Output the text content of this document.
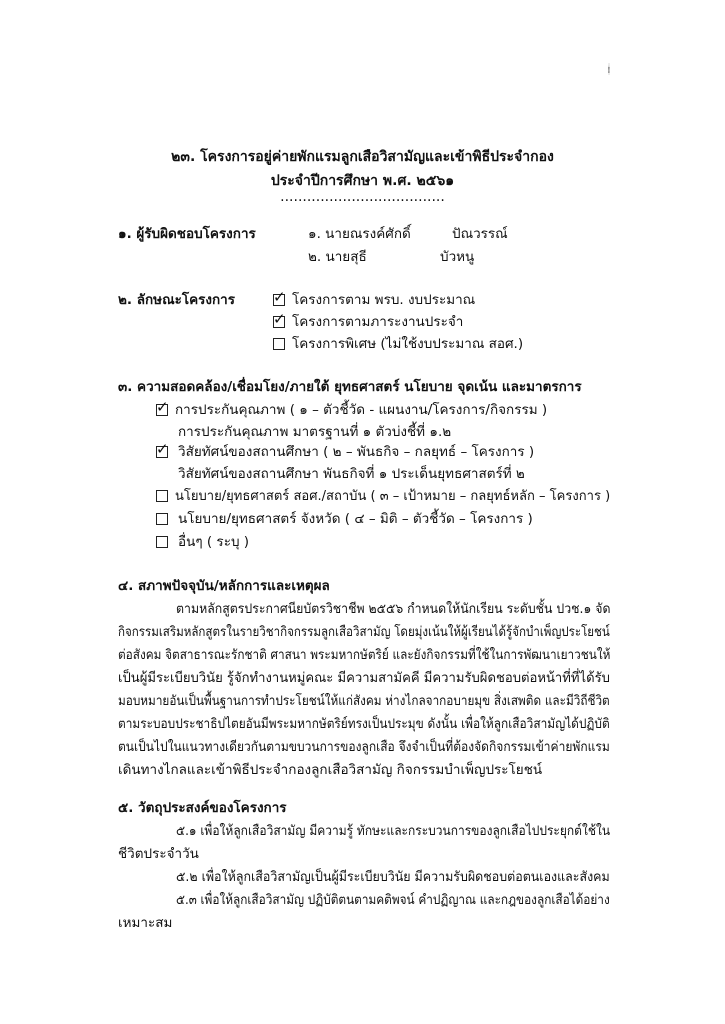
(๗๐)
๒๓. โครงการอยู่ค่ายพักแรมลูกเสือวิสามัญและเข้าพิธีประจำกอง
ประจำปีการศึกษา พ.ศ. ๒๕๖๑
.....................................
๑. ผู้รับผิดชอบโครงการ	๑. นายณรงค์ศักดิ์	ปัณวรรณ์
๒. นายสุธี	บัวหนู
๒. ลักษณะโครงการ	✓ โครงการตาม พรบ. งบประมาณ
✓ โครงการตามภาระงานประจำ
โครงการพิเศษ (ไม่ใช้งบประมาณ สอศ.)
๓. ความสอดคล้อง/เชื่อมโยง/ภายใต้ ยุทธศาสตร์ นโยบาย จุดเน้น และมาตรการ
✓ การประกันคุณภาพ ( ๑ – ตัวชี้วัด - แผนงาน/โครงการ/กิจกรรม )
การประกันคุณภาพ มาตรฐานที่ ๑ ตัวบ่งชี้ที่ ๑.๒
✓ วิสัยทัศน์ของสถานศึกษา ( ๒ – พันธกิจ – กลยุทธ์ – โครงการ )
วิสัยทัศน์ของสถานศึกษา พันธกิจที่ ๑ ประเด็นยุทธศาสตร์ที่ ๒
นโยบาย/ยุทธศาสตร์ สอศ./สถาบัน ( ๓ – เป้าหมาย – กลยุทธ์หลัก – โครงการ )
นโยบาย/ยุทธศาสตร์ จังหวัด ( ๔ – มิติ – ตัวชี้วัด – โครงการ )
อื่นๆ ( ระบุ )
๔. สภาพปัจจุบัน/หลักการและเหตุผล
ตามหลักสูตรประกาศนียบัตรวิชาชีพ ๒๕๕๖ กำหนดให้นักเรียน ระดับชั้น ปวช.๑ จัด
กิจกรรมเสริมหลักสูตรในรายวิชากิจกรรมลูกเสือวิสามัญ โดยมุ่งเน้นให้ผู้เรียนได้รู้จักบำเพ็ญประโยชน์
ต่อสังคม จิตสาธารณะรักชาติ ศาสนา พระมหากษัตริย์ และยังกิจกรรมที่ใช้ในการพัฒนาเยาวชนให้
เป็นผู้มีระเบียบวินัย รู้จักทำงานหมู่คณะ มีความสามัคคี มีความรับผิดชอบต่อหน้าที่ที่ได้รับ
มอบหมายอันเป็นพื้นฐานการทำประโยชน์ให้แก่สังคม ห่างไกลจากอบายมุข สิ่งเสพติด และมีวิถีชีวิต
ตามระบอบประชาธิปไตยอันมีพระมหากษัตริย์ทรงเป็นประมุข ดังนั้น เพื่อให้ลูกเสือวิสามัญได้ปฏิบัติ
ตนเป็นไปในแนวทางเดียวกันตามขบวนการของลูกเสือ จึงจำเป็นที่ต้องจัดกิจกรรมเข้าค่ายพักแรม
เดินทางไกลและเข้าพิธีประจำกองลูกเสือวิสามัญ กิจกรรมบำเพ็ญประโยชน์
๕. วัตถุประสงค์ของโครงการ
๕.๑ เพื่อให้ลูกเสือวิสามัญ มีความรู้ ทักษะและกระบวนการของลูกเสือไปประยุกต์ใช้ใน
ชีวิตประจำวัน
๕.๒ เพื่อให้ลูกเสือวิสามัญเป็นผู้มีระเบียบวินัย มีความรับผิดชอบต่อตนเองและสังคม
๕.๓ เพื่อให้ลูกเสือวิสามัญ ปฏิบัติตนตามคติพจน์ คำปฏิญาณ และกฎของลูกเสือได้อย่าง
เหมาะสม
